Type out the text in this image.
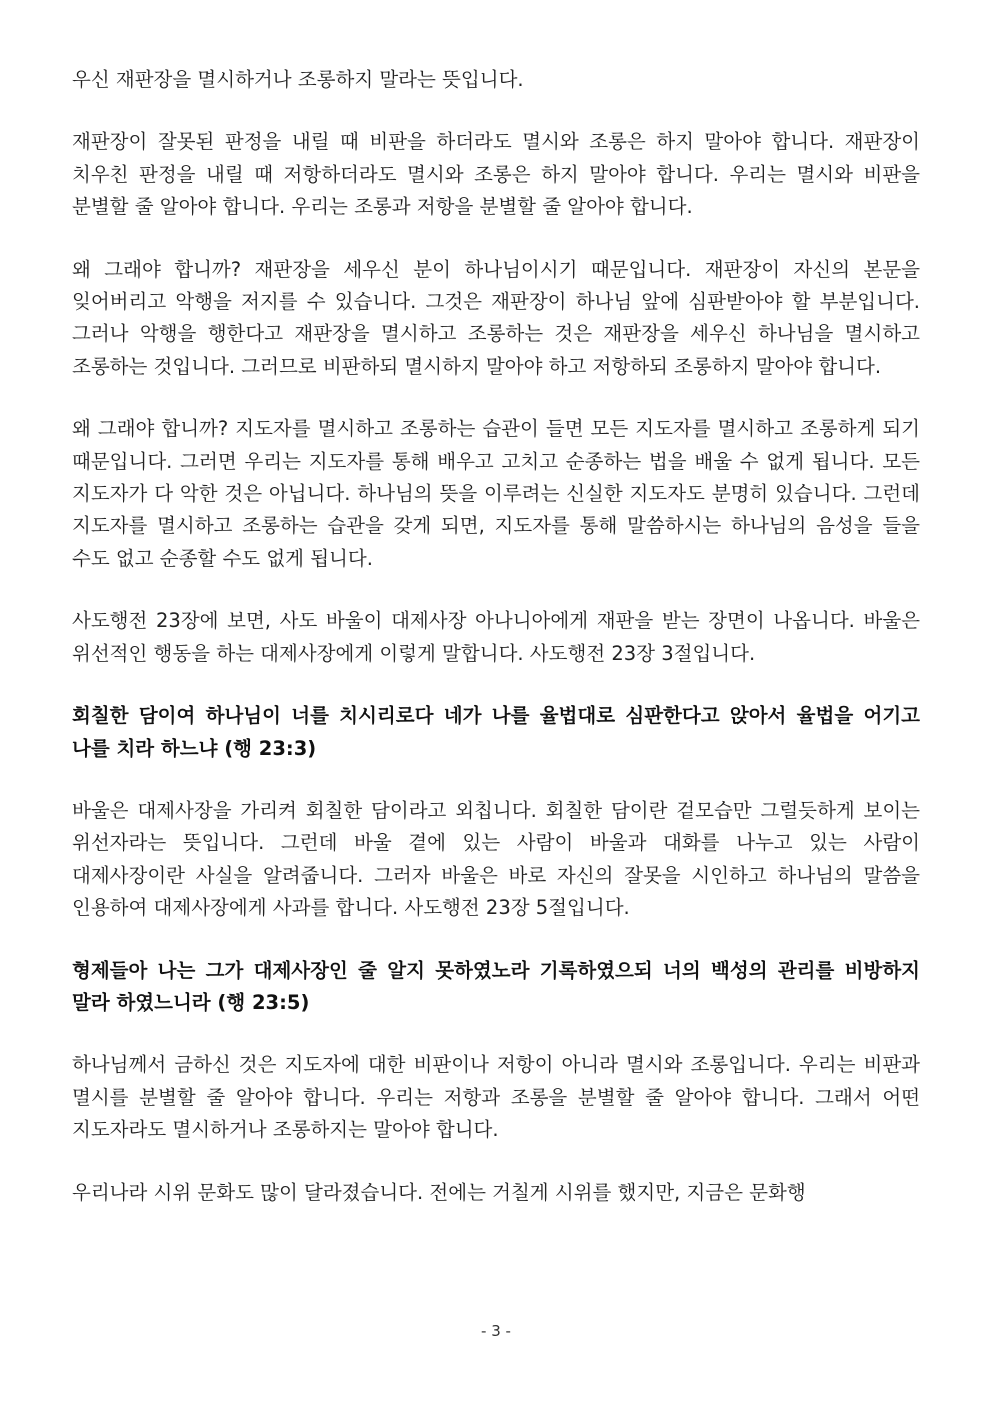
우신 재판장을 멸시하거나 조롱하지 말라는 뜻입니다.

재판장이 잘못된 판정을 내릴 때 비판을 하더라도 멸시와 조롱은 하지 말아야 합니다. 재판장이 치우친 판정을 내릴 때 저항하더라도 멸시와 조롱은 하지 말아야 합니다. 우리는 멸시와 비판을 분별할 줄 알아야 합니다. 우리는 조롱과 저항을 분별할 줄 알아야 합니다.

왜 그래야 합니까? 재판장을 세우신 분이 하나님이시기 때문입니다. 재판장이 자신의 본문을 잊어버리고 악행을 저지를 수 있습니다. 그것은 재판장이 하나님 앞에 심판받아야 할 부분입니다. 그러나 악행을 행한다고 재판장을 멸시하고 조롱하는 것은 재판장을 세우신 하나님을 멸시하고 조롱하는 것입니다. 그러므로 비판하되 멸시하지 말아야 하고 저항하되 조롱하지 말아야 합니다.

왜 그래야 합니까? 지도자를 멸시하고 조롱하는 습관이 들면 모든 지도자를 멸시하고 조롱하게 되기 때문입니다. 그러면 우리는 지도자를 통해 배우고 고치고 순종하는 법을 배울 수 없게 됩니다. 모든 지도자가 다 악한 것은 아닙니다. 하나님의 뜻을 이루려는 신실한 지도자도 분명히 있습니다. 그런데 지도자를 멸시하고 조롱하는 습관을 갖게 되면, 지도자를 통해 말씀하시는 하나님의 음성을 들을 수도 없고 순종할 수도 없게 됩니다.

사도행전 23장에 보면, 사도 바울이 대제사장 아나니아에게 재판을 받는 장면이 나옵니다. 바울은 위선적인 행동을 하는 대제사장에게 이렇게 말합니다. 사도행전 23장 3절입니다.

회칠한 담이여 하나님이 너를 치시리로다 네가 나를 율법대로 심판한다고 앉아서 율법을 어기고 나를 치라 하느냐 (행 23:3)

바울은 대제사장을 가리켜 회칠한 담이라고 외칩니다. 회칠한 담이란 겉모습만 그럴듯하게 보이는 위선자라는 뜻입니다. 그런데 바울 곁에 있는 사람이 바울과 대화를 나누고 있는 사람이 대제사장이란 사실을 알려줍니다. 그러자 바울은 바로 자신의 잘못을 시인하고 하나님의 말씀을 인용하여 대제사장에게 사과를 합니다. 사도행전 23장 5절입니다.

형제들아 나는 그가 대제사장인 줄 알지 못하였노라 기록하였으되 너의 백성의 관리를 비방하지 말라 하였느니라 (행 23:5)

하나님께서 금하신 것은 지도자에 대한 비판이나 저항이 아니라 멸시와 조롱입니다. 우리는 비판과 멸시를 분별할 줄 알아야 합니다. 우리는 저항과 조롱을 분별할 줄 알아야 합니다. 그래서 어떤 지도자라도 멸시하거나 조롱하지는 말아야 합니다.

우리나라 시위 문화도 많이 달라졌습니다. 전에는 거칠게 시위를 했지만, 지금은 문화행

- 3 -
